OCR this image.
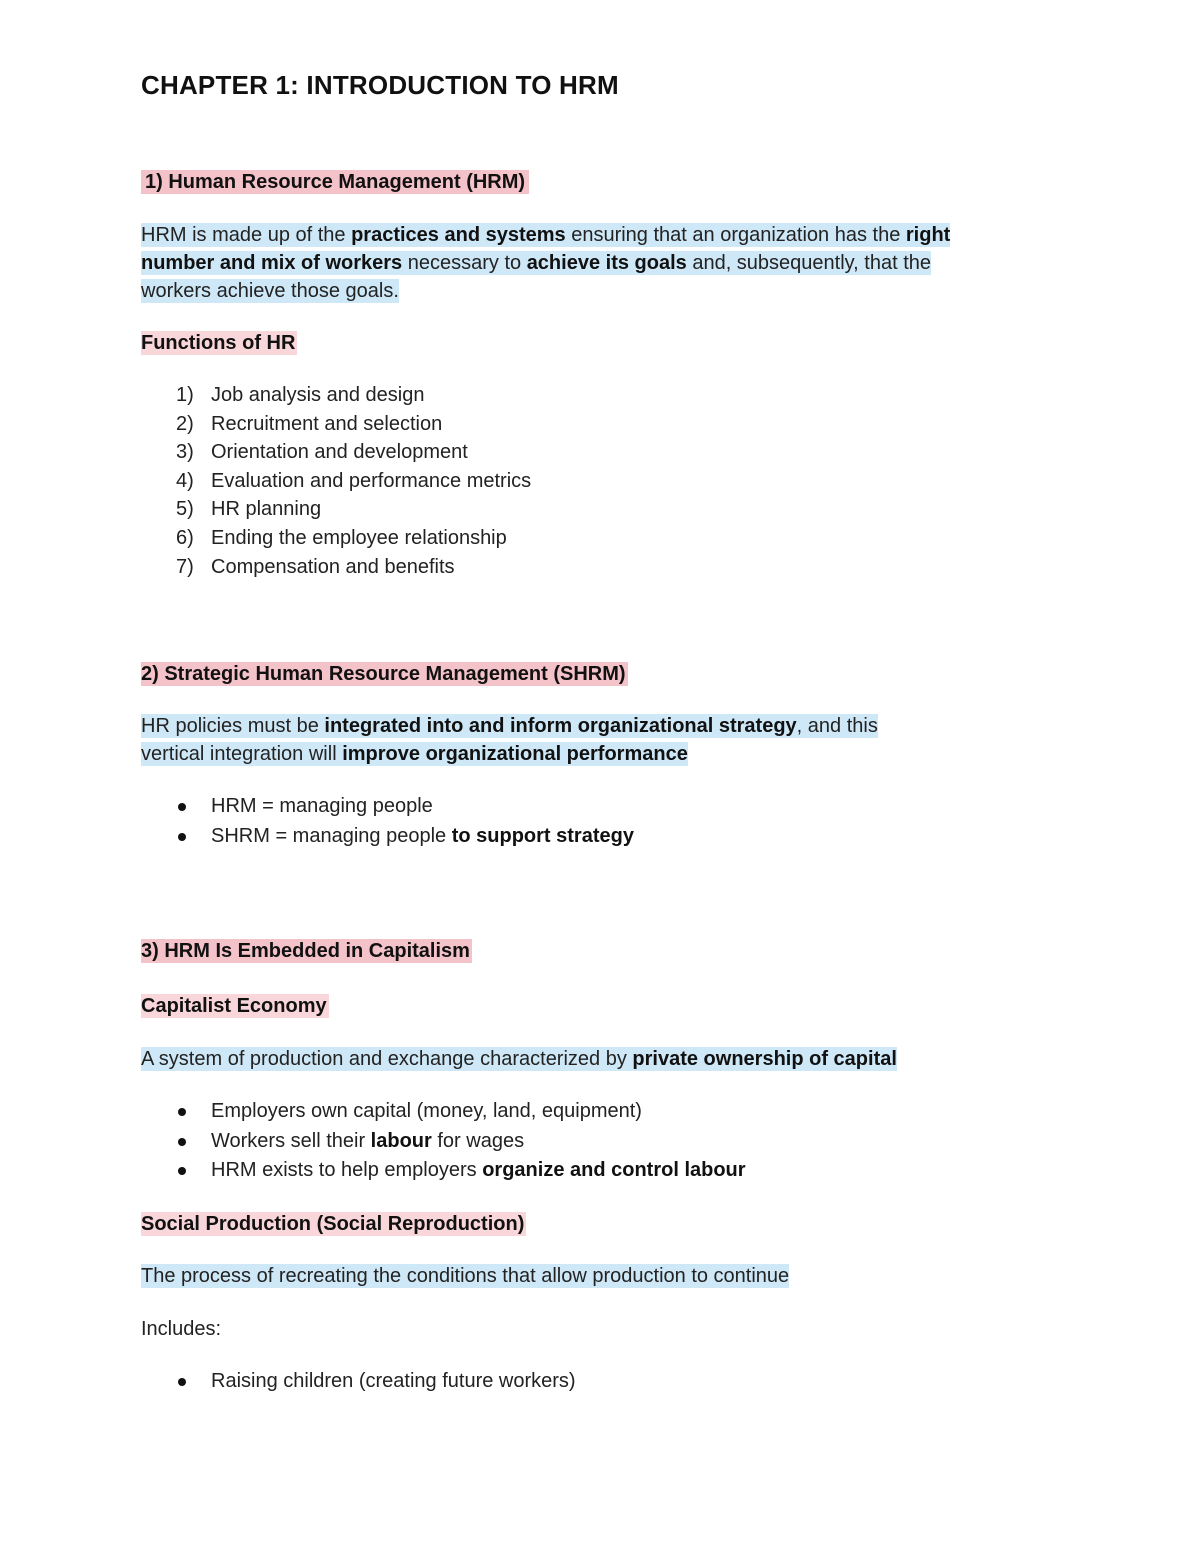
CHAPTER 1: INTRODUCTION TO HRM
1) Human Resource Management (HRM)

HRM is made up of the practices and systems ensuring that an organization has the right number and mix of workers necessary to achieve its goals and, subsequently, that the workers achieve those goals.

Functions of HR
1) Job analysis and design
2) Recruitment and selection
3) Orientation and development
4) Evaluation and performance metrics
5) HR planning
6) Ending the employee relationship
7) Compensation and benefits
2) Strategic Human Resource Management (SHRM)

HR policies must be integrated into and inform organizational strategy, and this vertical integration will improve organizational performance

HRM = managing people
SHRM = managing people to support strategy
3) HRM Is Embedded in Capitalism
Capitalist Economy

A system of production and exchange characterized by private ownership of capital

Employers own capital (money, land, equipment)
Workers sell their labour for wages
HRM exists to help employers organize and control labour
Social Production (Social Reproduction)

The process of recreating the conditions that allow production to continue

Includes:

Raising children (creating future workers)
